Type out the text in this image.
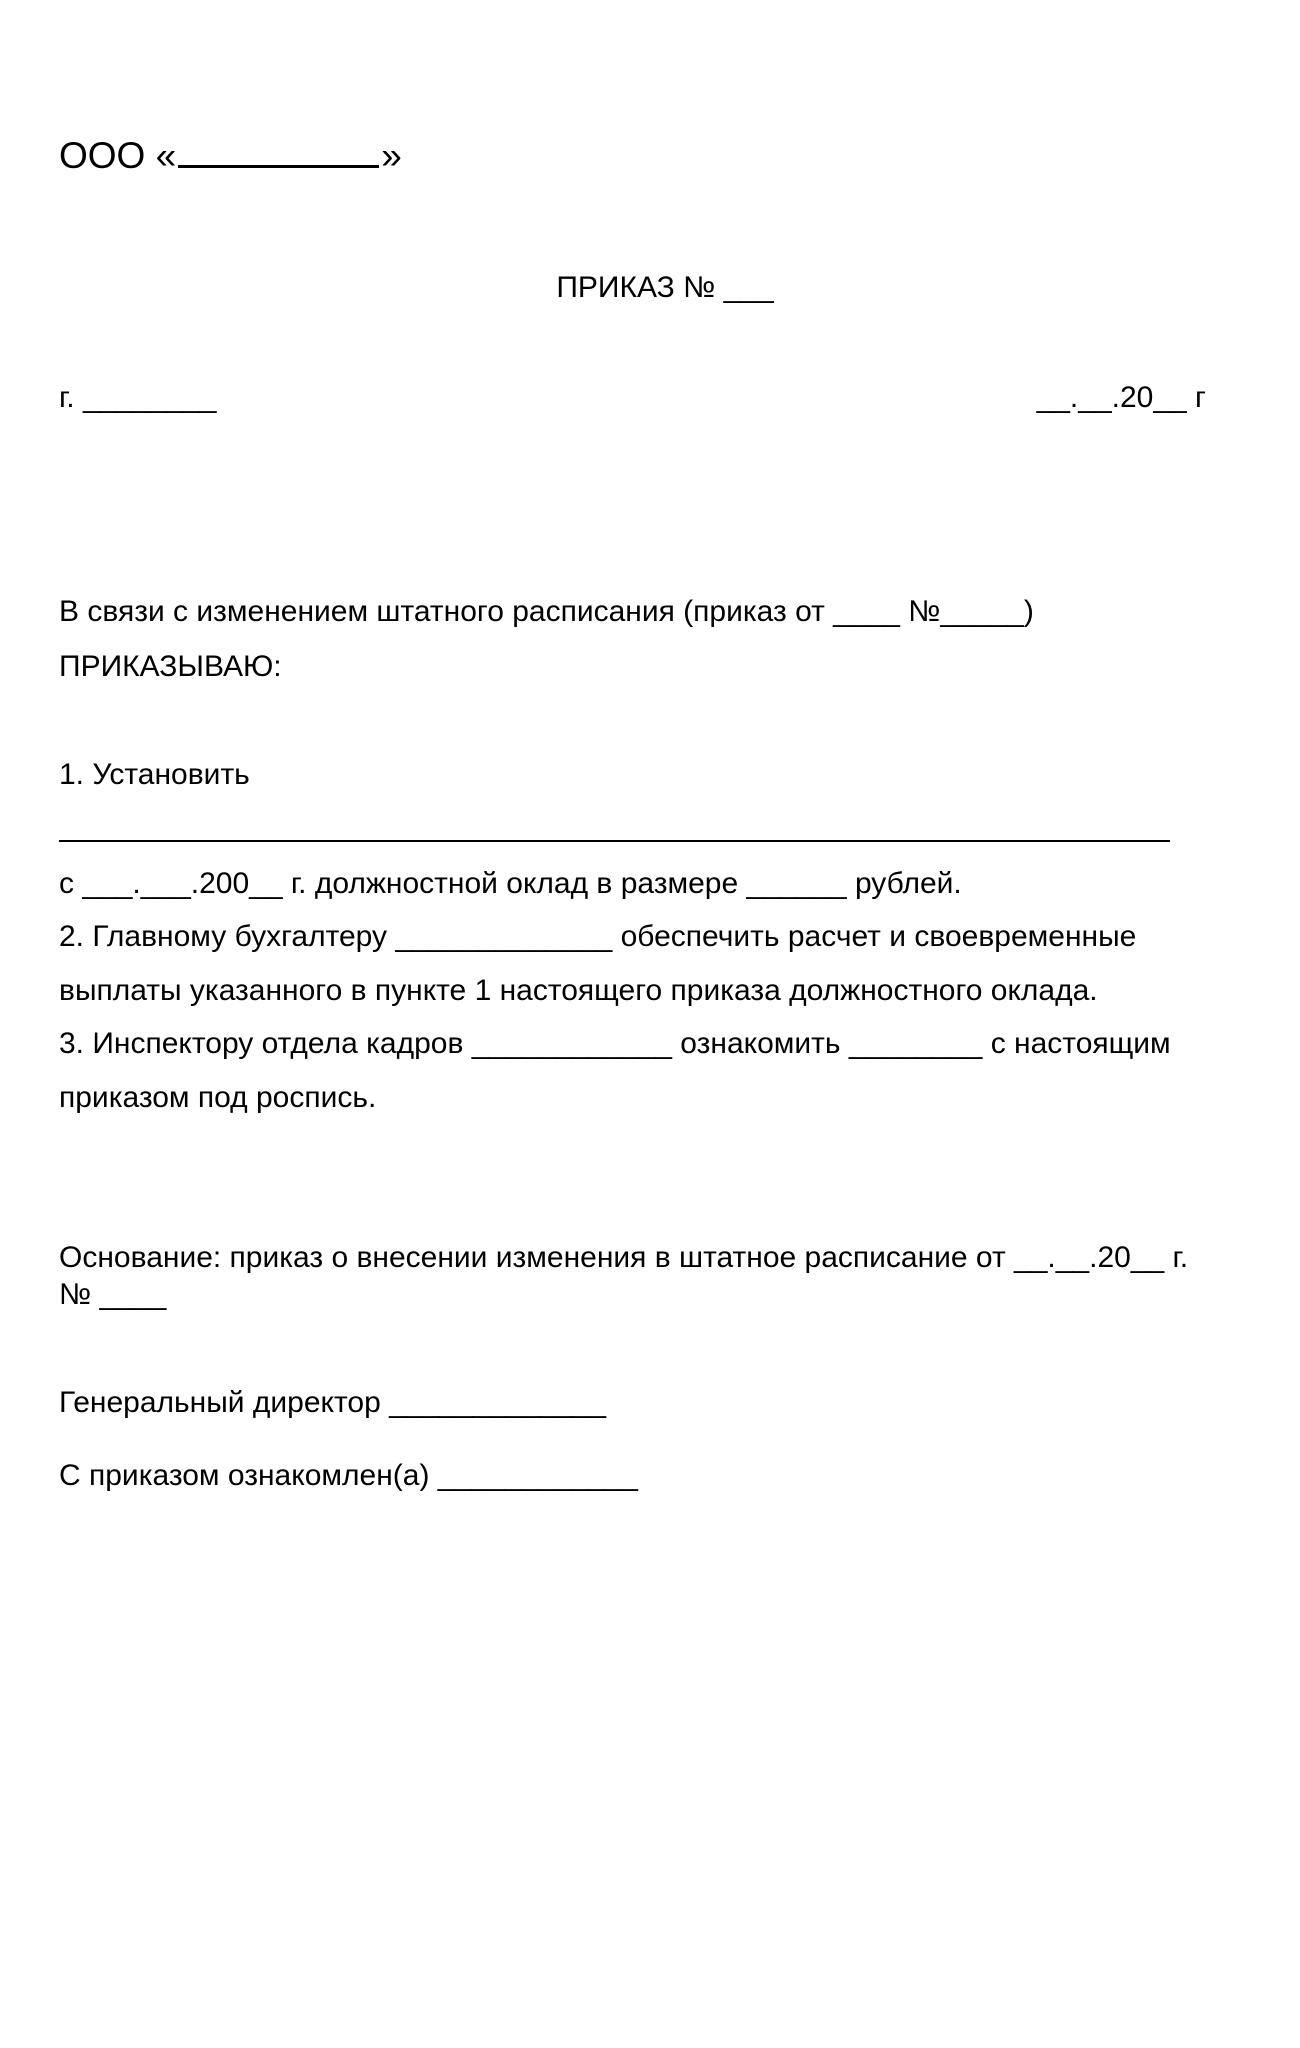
ООО «	»
ПРИКАЗ № ___
г. ________	__.__.20__ г
В связи с изменением штатного расписания (приказ от ____ №_____)
ПРИКАЗЫВАЮ:
1. Установить
с ___.___.200__ г. должностной оклад в размере ______ рублей.
2. Главному бухгалтеру _____________ обеспечить расчет и своевременные
выплаты указанного в пункте 1 настоящего приказа должностного оклада.
3. Инспектору отдела кадров ____________ ознакомить ________ с настоящим
приказом под роспись.
Основание: приказ о внесении изменения в штатное расписание от __.__.20__ г.
№ ____
Генеральный директор _____________
С приказом ознакомлен(а) ____________
